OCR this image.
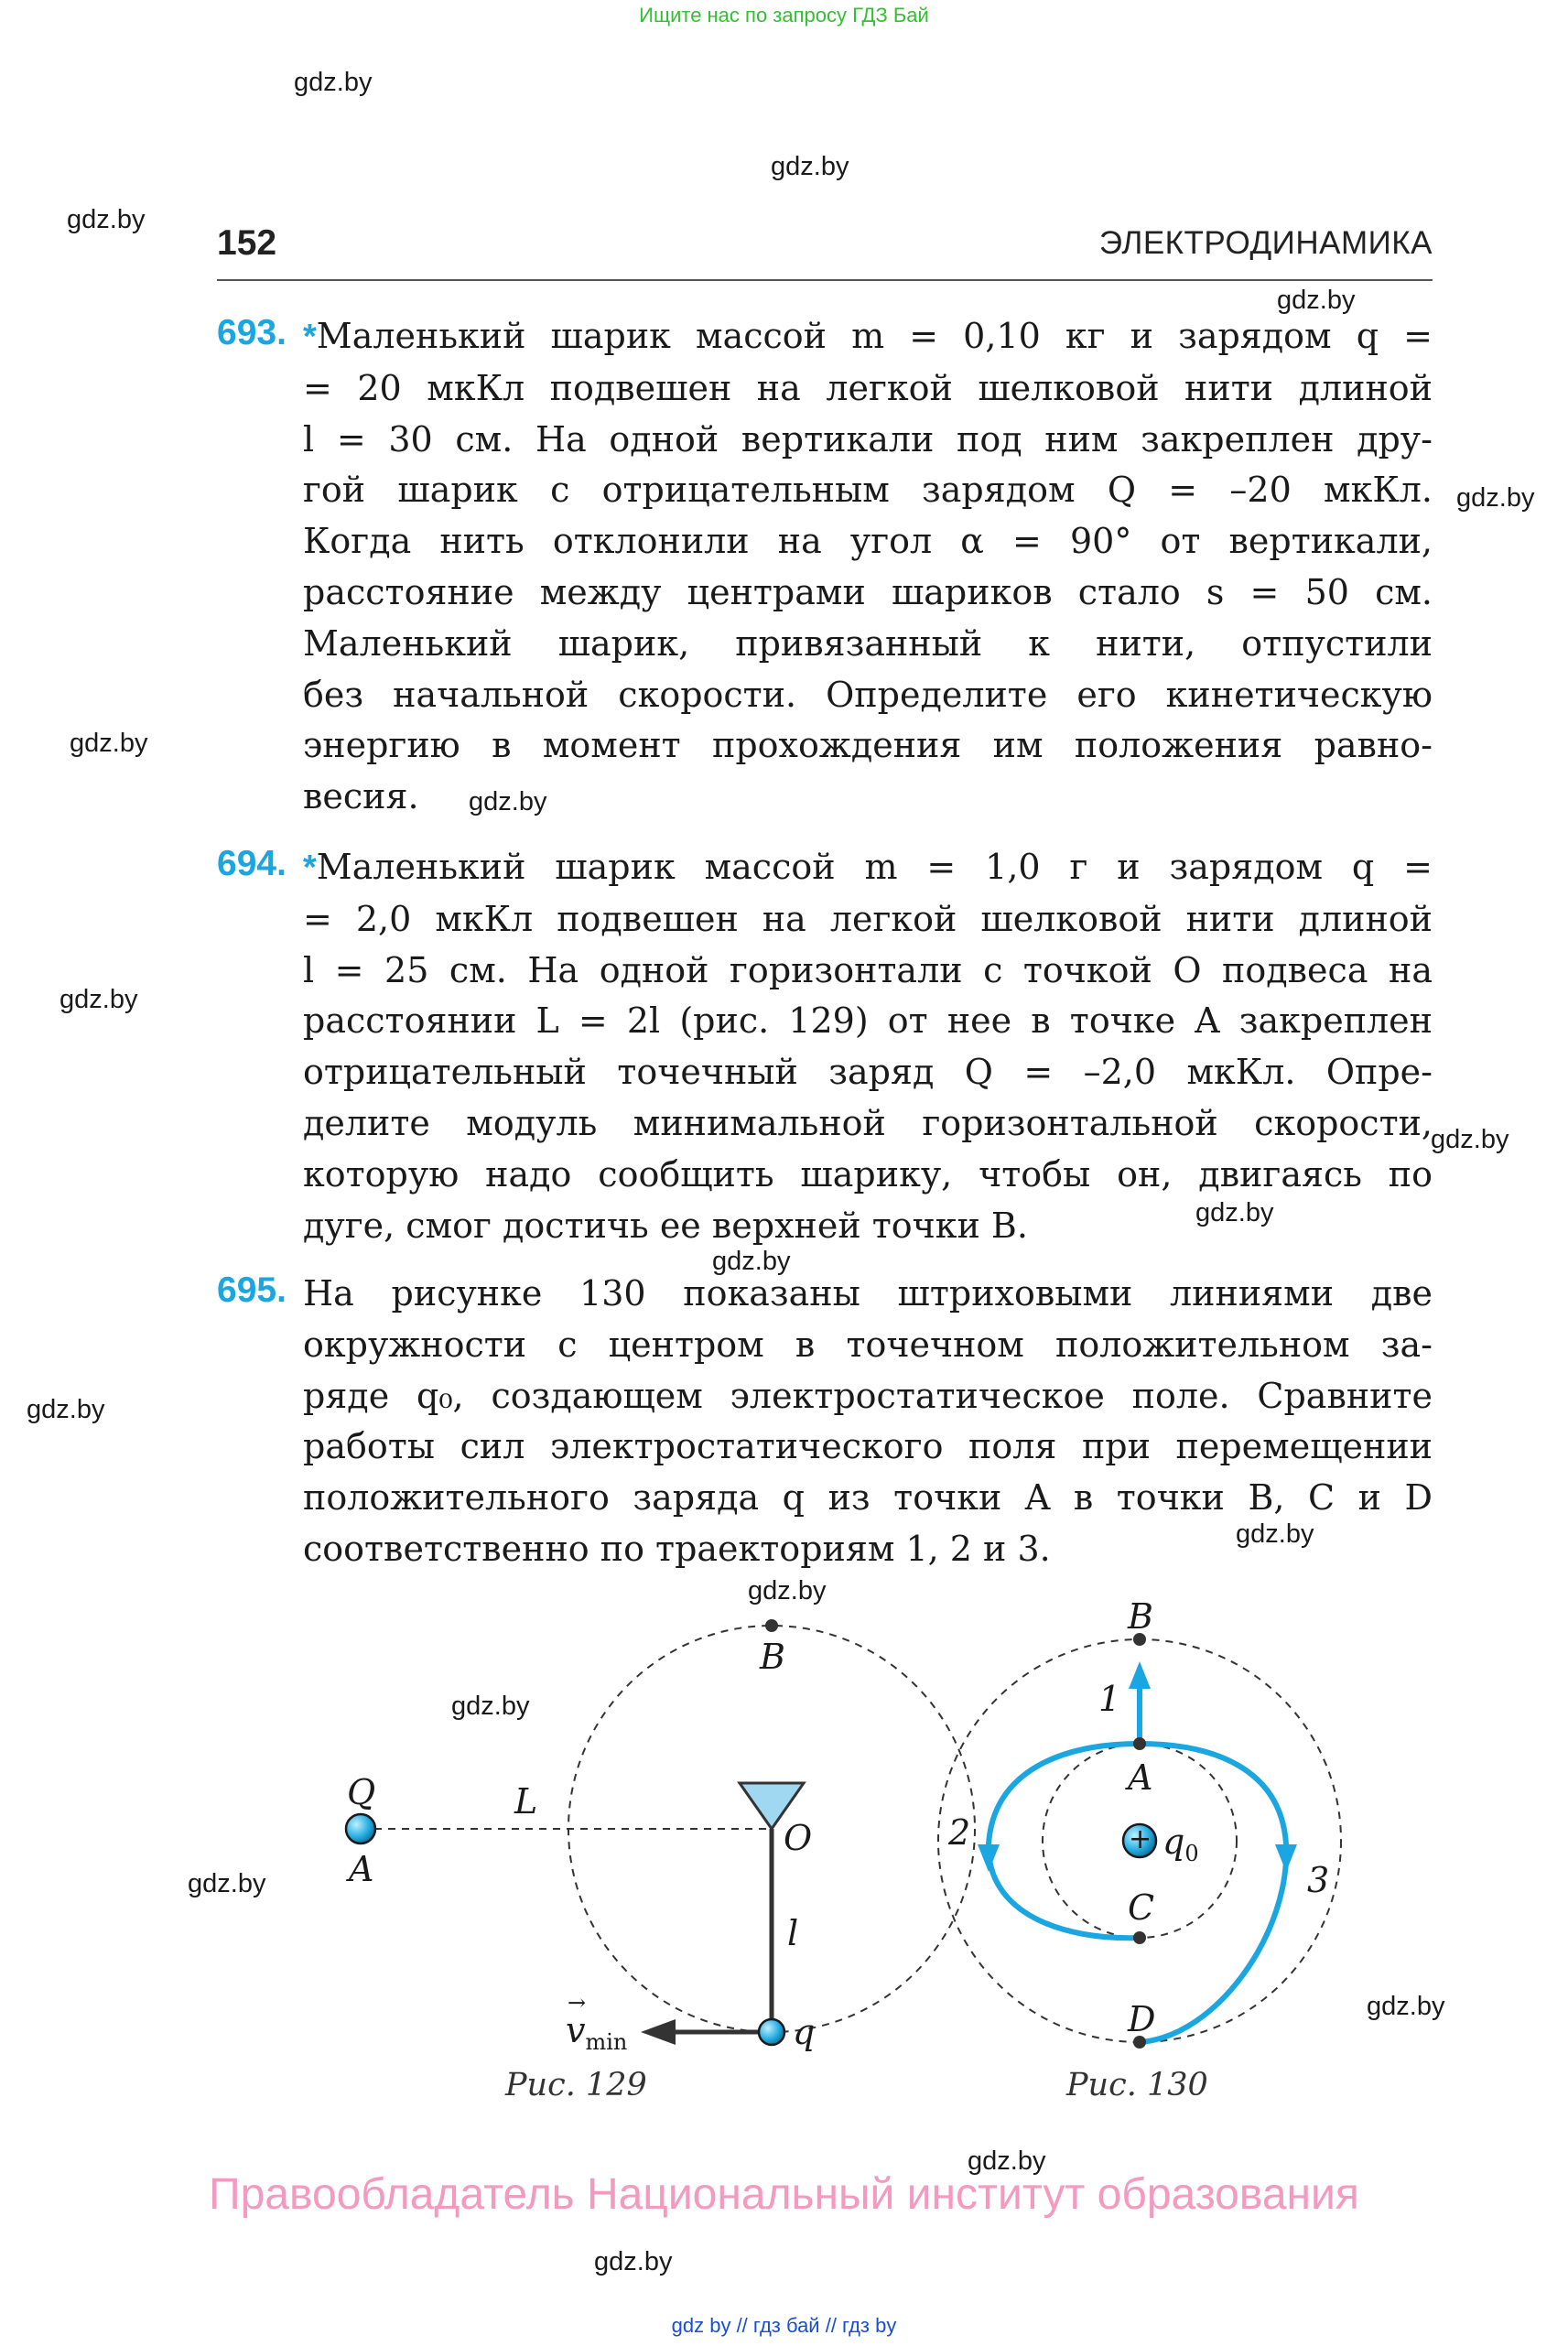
Ищите нас по запросу ГДЗ Бай
gdz.by
gdz.by
gdz.by
gdz.by
gdz.by
gdz.by
gdz.by
gdz.by
gdz.by
gdz.by
gdz.by
gdz.by
gdz.by
gdz.by
gdz.by
gdz.by
gdz.by
gdz.by
gdz.by
152	ЭЛЕКТРОДИНАМИКА
693. *Маленький шарик массой m = 0,10 кг и зарядом q =
= 20 мкКл подвешен на легкой шелковой нити длиной
l = 30 см. На одной вертикали под ним закреплен дру-
гой шарик с отрицательным зарядом Q = –20 мкКл.
Когда нить отклонили на угол α = 90° от вертикали,
расстояние между центрами шариков стало s = 50 см.
Маленький шарик, привязанный к нити, отпустили
без начальной скорости. Определите его кинетическую
энергию в момент прохождения им положения равно-
весия.
694. *Маленький шарик массой m = 1,0 г и зарядом q =
= 2,0 мкКл подвешен на легкой шелковой нити длиной
l = 25 см. На одной горизонтали с точкой O подвеса на
расстоянии L = 2l (рис. 129) от нее в точке A закреплен
отрицательный точечный заряд Q = –2,0 мкКл. Опре-
делите модуль минимальной горизонтальной скорости,
которую надо сообщить шарику, чтобы он, двигаясь по
дуге, смог достичь ее верхней точки B.
695. На рисунке 130 показаны штриховыми линиями две
окружности с центром в точечном положительном за-
ряде q₀, создающем электростатическое поле. Сравните
работы сил электростатического поля при перемещении
положительного заряда q из точки A в точки B, C и D
соответственно по траекториям 1, 2 и 3.
Q
A
L
B
O
l
q
→
$v_{min}$
Рис. 129
B
A
C
D
+ $q_0$
1
2
3
Рис. 130
Правообладатель Национальный институт образования
gdz by // гдз бай // гдз by
